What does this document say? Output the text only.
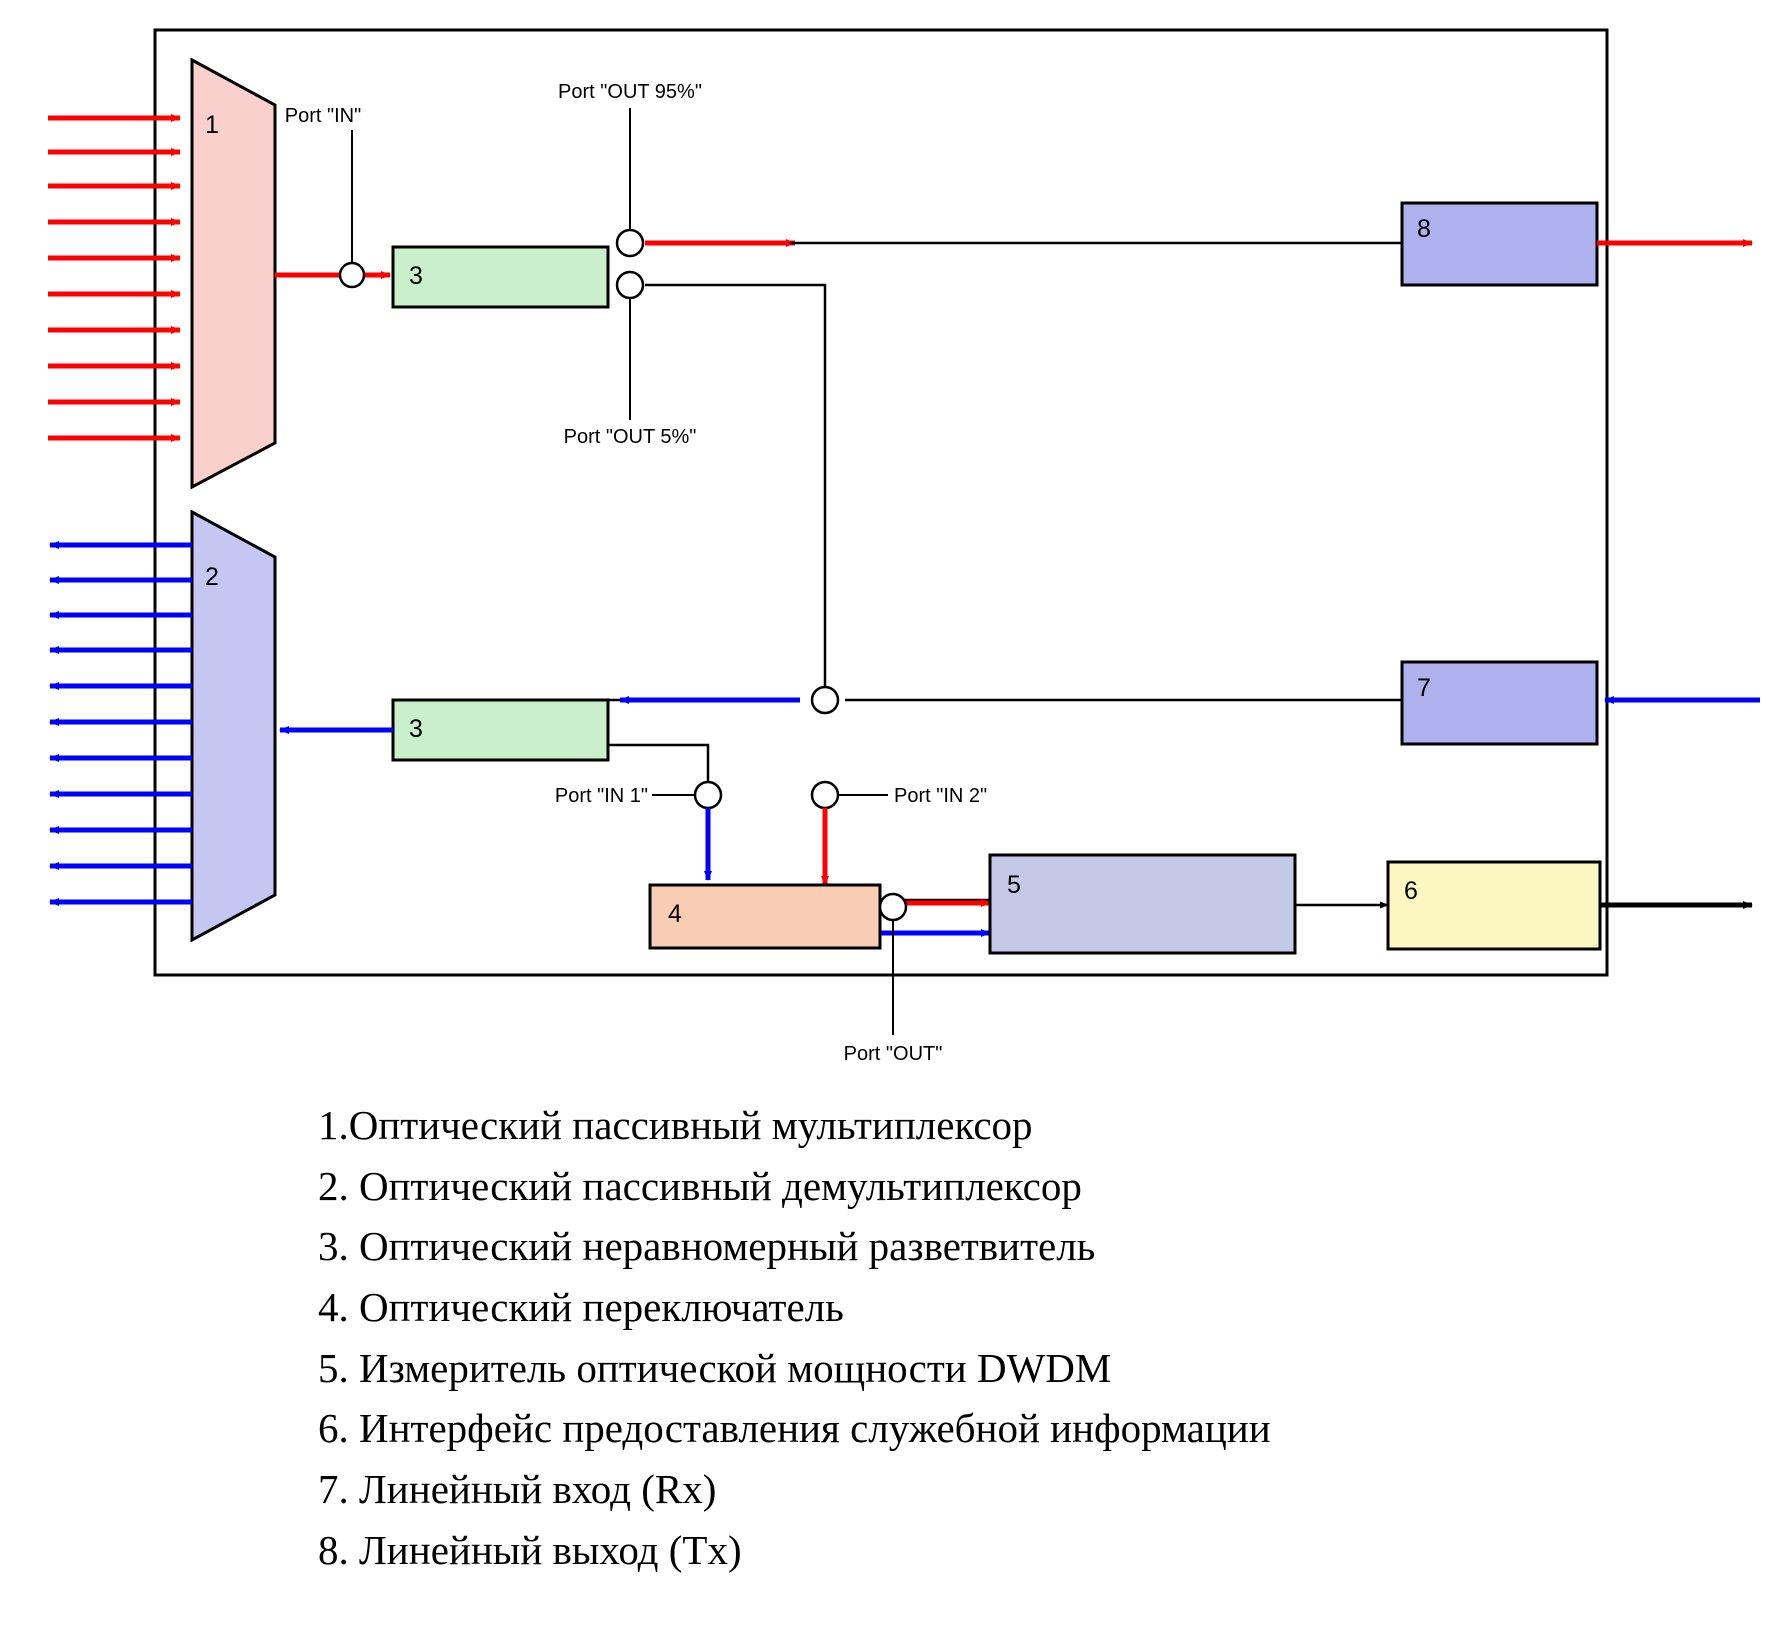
1
2
3
Port "IN"
Port "OUT 95%"
Port "OUT 5%"
8
7
3
Port "IN 1"	Port "IN 2"
4
Port "OUT"
5	6
1.Оптический пассивный мультиплексор
2. Оптический пассивный демультиплексор
3. Оптический неравномерный разветвитель
4. Оптический переключатель
5. Измеритель оптической мощности DWDM
6. Интерфейс предоставления служебной информации
7. Линейный вход (Rx)
8. Линейный выход (Tx)
